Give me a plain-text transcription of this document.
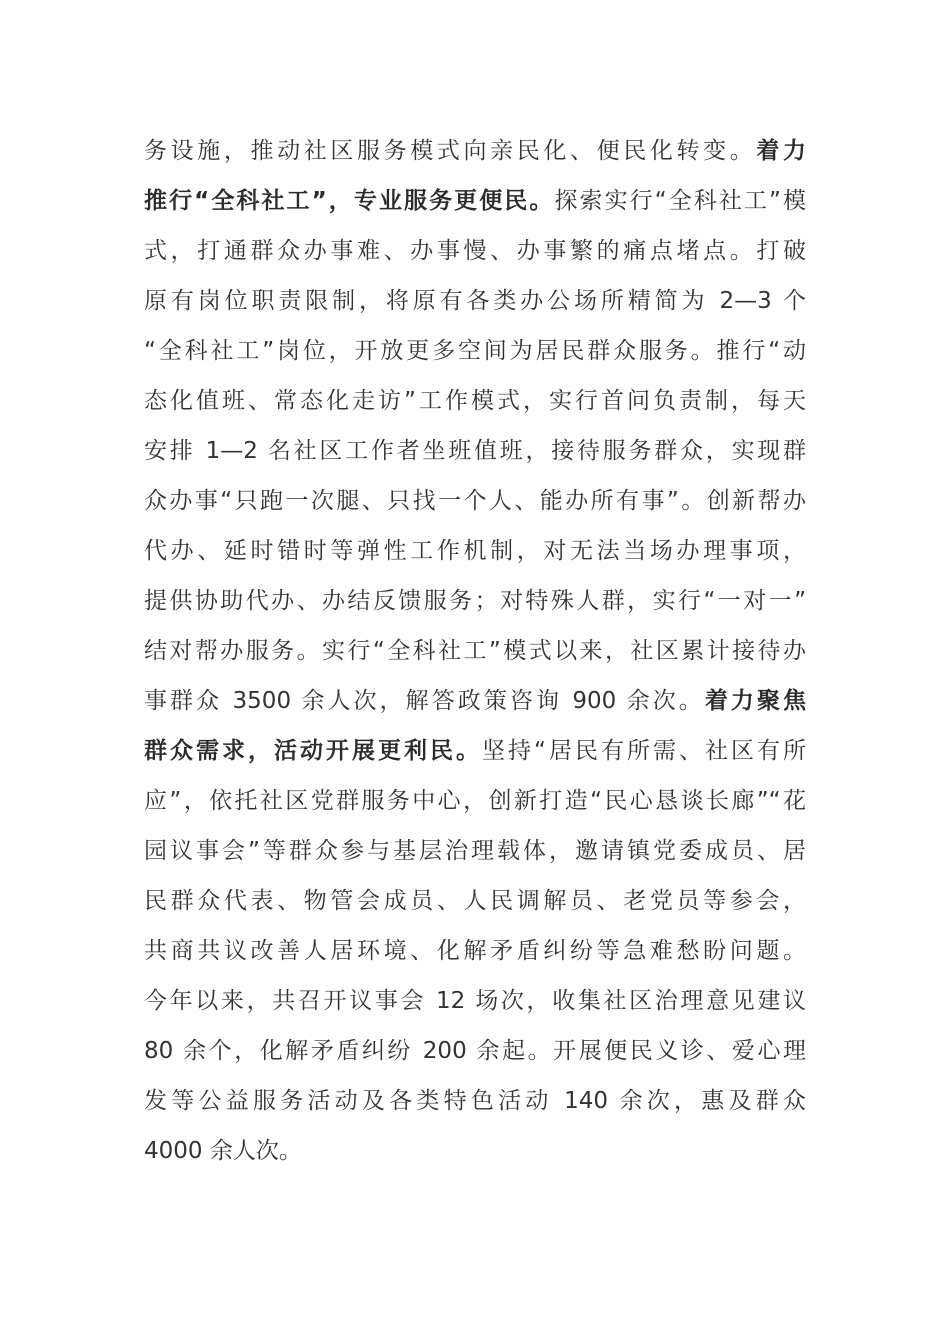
务设施，推动社区服务模式向亲民化、便民化转变。着力
推行“全科社工”，专业服务更便民。探索实行“全科社工”模
式，打通群众办事难、办事慢、办事繁的痛点堵点。打破
原有岗位职责限制，将原有各类办公场所精简为 2—3 个
“全科社工”岗位，开放更多空间为居民群众服务。推行“动
态化值班、常态化走访”工作模式，实行首问负责制，每天
安排 1—2 名社区工作者坐班值班，接待服务群众，实现群
众办事“只跑一次腿、只找一个人、能办所有事”。创新帮办
代办、延时错时等弹性工作机制，对无法当场办理事项，
提供协助代办、办结反馈服务；对特殊人群，实行“一对一”
结对帮办服务。实行“全科社工”模式以来，社区累计接待办
事群众 3500 余人次，解答政策咨询 900 余次。着力聚焦
群众需求，活动开展更利民。坚持“居民有所需、社区有所
应”，依托社区党群服务中心，创新打造“民心恳谈长廊”“花
园议事会”等群众参与基层治理载体，邀请镇党委成员、居
民群众代表、物管会成员、人民调解员、老党员等参会，
共商共议改善人居环境、化解矛盾纠纷等急难愁盼问题。
今年以来，共召开议事会 12 场次，收集社区治理意见建议
80 余个，化解矛盾纠纷 200 余起。开展便民义诊、爱心理
发等公益服务活动及各类特色活动 140 余次，惠及群众
4000 余人次。
